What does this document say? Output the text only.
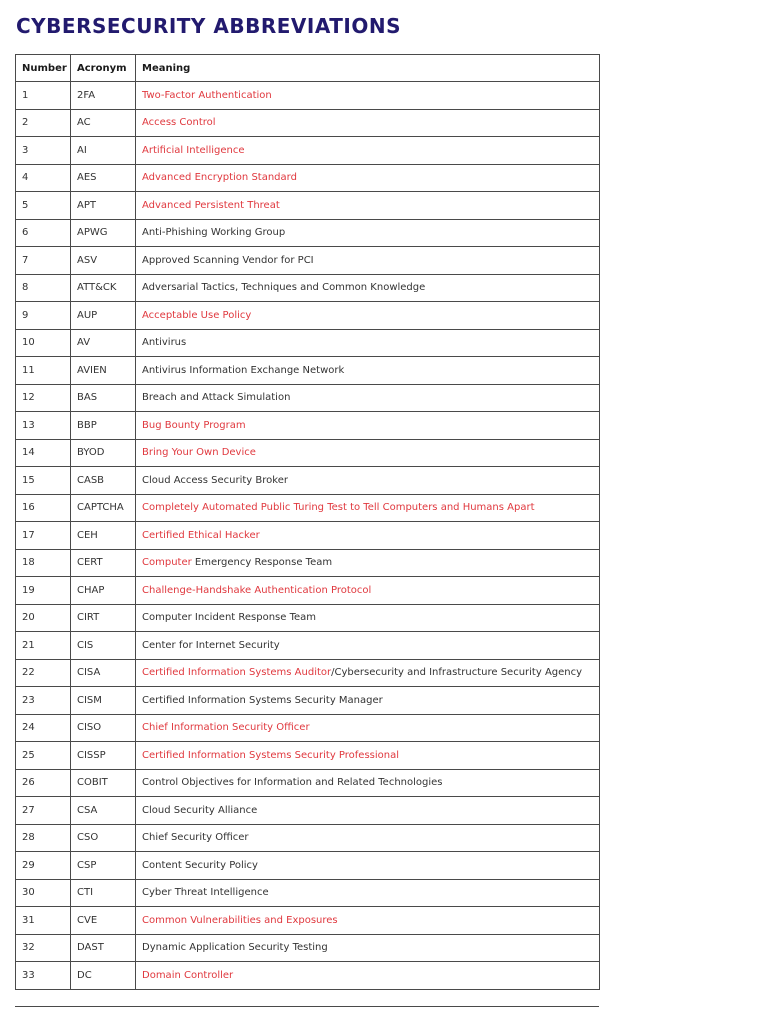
CYBERSECURITY ABBREVIATIONS
Number	Acronym	Meaning
1	2FA	Two-Factor Authentication
2	AC	Access Control
3	AI	Artificial Intelligence
4	AES	Advanced Encryption Standard
5	APT	Advanced Persistent Threat
6	APWG	Anti-Phishing Working Group
7	ASV	Approved Scanning Vendor for PCI
8	ATT&CK	Adversarial Tactics, Techniques and Common Knowledge
9	AUP	Acceptable Use Policy
10	AV	Antivirus
11	AVIEN	Antivirus Information Exchange Network
12	BAS	Breach and Attack Simulation
13	BBP	Bug Bounty Program
14	BYOD	Bring Your Own Device
15	CASB	Cloud Access Security Broker
16	CAPTCHA	Completely Automated Public Turing Test to Tell Computers and Humans Apart
17	CEH	Certified Ethical Hacker
18	CERT	Computer Emergency Response Team
19	CHAP	Challenge-Handshake Authentication Protocol
20	CIRT	Computer Incident Response Team
21	CIS	Center for Internet Security
22	CISA	Certified Information Systems Auditor/Cybersecurity and Infrastructure Security Agency
23	CISM	Certified Information Systems Security Manager
24	CISO	Chief Information Security Officer
25	CISSP	Certified Information Systems Security Professional
26	COBIT	Control Objectives for Information and Related Technologies
27	CSA	Cloud Security Alliance
28	CSO	Chief Security Officer
29	CSP	Content Security Policy
30	CTI	Cyber Threat Intelligence
31	CVE	Common Vulnerabilities and Exposures
32	DAST	Dynamic Application Security Testing
33	DC	Domain Controller
